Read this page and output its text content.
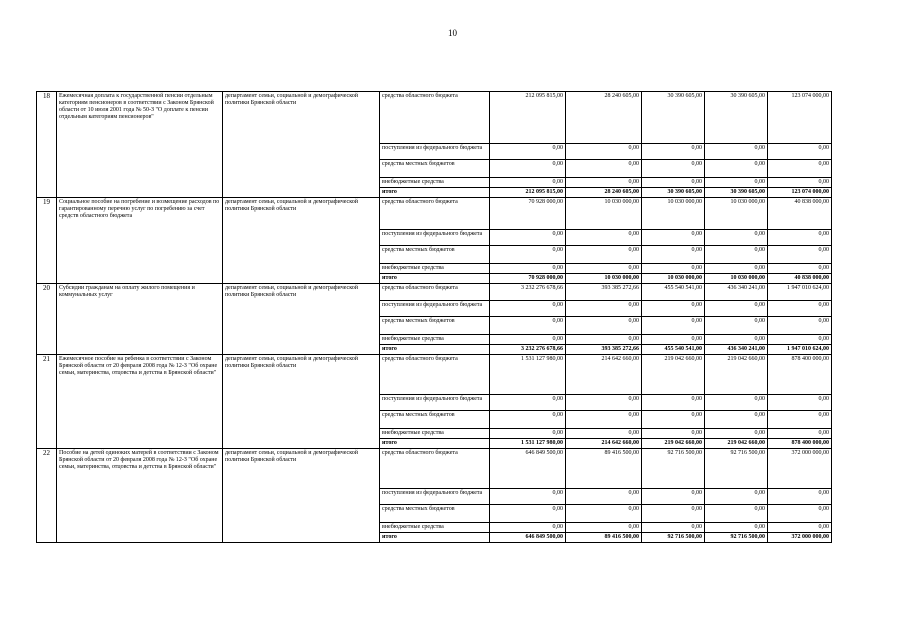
10
18	Ежемесячная доплата к государственной пенсии отдельным категориям пенсионеров в соответствии с Законом Брянской области от 10 июля 2001 года № 50-З "О доплате к пенсии отдельным категориям пенсионеров"	департамент семьи, социальной и демографической политики Брянской области	средства областного бюджета	212 095 815,00	28 240 605,00	30 390 605,00	30 390 605,00	123 074 000,00
			поступления из федерального бюджета	0,00	0,00	0,00	0,00	0,00
			средства местных бюджетов	0,00	0,00	0,00	0,00	0,00
			внебюджетные средства	0,00	0,00	0,00	0,00	0,00
			итого	212 095 815,00	28 240 605,00	30 390 605,00	30 390 605,00	123 074 000,00
19	Социальное пособие на погребение и возмещение расходов по гарантированному перечню услуг по погребению за счет средств областного бюджета	департамент семьи, социальной и демографической политики Брянской области	средства областного бюджета	70 928 000,00	10 030 000,00	10 030 000,00	10 030 000,00	40 838 000,00
			поступления из федерального бюджета	0,00	0,00	0,00	0,00	0,00
			средства местных бюджетов	0,00	0,00	0,00	0,00	0,00
			внебюджетные средства	0,00	0,00	0,00	0,00	0,00
			итого	70 928 000,00	10 030 000,00	10 030 000,00	10 030 000,00	40 838 000,00
20	Субсидии гражданам на оплату жилого помещения и коммунальных услуг	департамент семьи, социальной и демографической политики Брянской области	средства областного бюджета	3 232 276 678,66	393 385 272,66	455 540 541,00	436 340 241,00	1 947 010 624,00
			поступления из федерального бюджета	0,00	0,00	0,00	0,00	0,00
			средства местных бюджетов	0,00	0,00	0,00	0,00	0,00
			внебюджетные средства	0,00	0,00	0,00	0,00	0,00
			итого	3 232 276 678,66	393 385 272,66	455 540 541,00	436 340 241,00	1 947 010 624,00
21	Ежемесячное пособие на ребенка в соответствии с Законом Брянской области от 20 февраля 2008 года № 12-З "Об охране семьи, материнства, отцовства и детства в Брянской области"	департамент семьи, социальной и демографической политики Брянской области	средства областного бюджета	1 531 127 980,00	214 642 660,00	219 042 660,00	219 042 660,00	878 400 000,00
			поступления из федерального бюджета	0,00	0,00	0,00	0,00	0,00
			средства местных бюджетов	0,00	0,00	0,00	0,00	0,00
			внебюджетные средства	0,00	0,00	0,00	0,00	0,00
			итого	1 531 127 980,00	214 642 660,00	219 042 660,00	219 042 660,00	878 400 000,00
22	Пособие на детей одиноких матерей в соответствии с Законом Брянской области от 20 февраля 2008 года № 12-З "Об охране семьи, материнства, отцовства и детства в Брянской области"	департамент семьи, социальной и демографической политики Брянской области	средства областного бюджета	646 849 500,00	89 416 500,00	92 716 500,00	92 716 500,00	372 000 000,00
			поступления из федерального бюджета	0,00	0,00	0,00	0,00	0,00
			средства местных бюджетов	0,00	0,00	0,00	0,00	0,00
			внебюджетные средства	0,00	0,00	0,00	0,00	0,00
			итого	646 849 500,00	89 416 500,00	92 716 500,00	92 716 500,00	372 000 000,00
